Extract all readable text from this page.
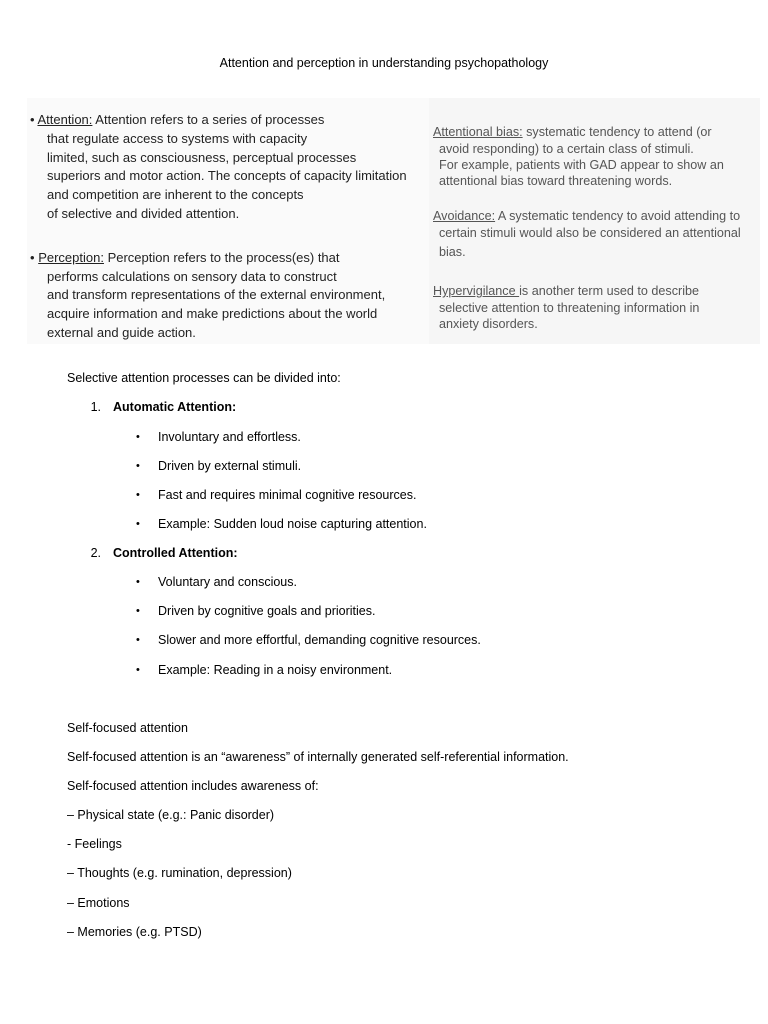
Attention and perception in understanding psychopathology
• Attention: Attention refers to a series of processes
that regulate access to systems with capacity
limited, such as consciousness, perceptual processes
superiors and motor action. The concepts of capacity limitation
and competition are inherent to the concepts
of selective and divided attention.
• Perception: Perception refers to the process(es) that
performs calculations on sensory data to construct
and transform representations of the external environment,
acquire information and make predictions about the world
external and guide action.
Attentional bias: systematic tendency to attend (or
avoid responding) to a certain class of stimuli.
For example, patients with GAD appear to show an
attentional bias toward threatening words.
Avoidance: A systematic tendency to avoid attending to
certain stimuli would also be considered an attentional
bias.
Hypervigilance is another term used to describe
selective attention to threatening information in
anxiety disorders.
Selective attention processes can be divided into:
1. Automatic Attention:
• Involuntary and effortless.
• Driven by external stimuli.
• Fast and requires minimal cognitive resources.
• Example: Sudden loud noise capturing attention.
2. Controlled Attention:
• Voluntary and conscious.
• Driven by cognitive goals and priorities.
• Slower and more effortful, demanding cognitive resources.
• Example: Reading in a noisy environment.
Self-focused attention
Self-focused attention is an “awareness” of internally generated self-referential information.
Self-focused attention includes awareness of:
– Physical state (e.g.: Panic disorder)
- Feelings
– Thoughts (e.g. rumination, depression)
– Emotions
– Memories (e.g. PTSD)
